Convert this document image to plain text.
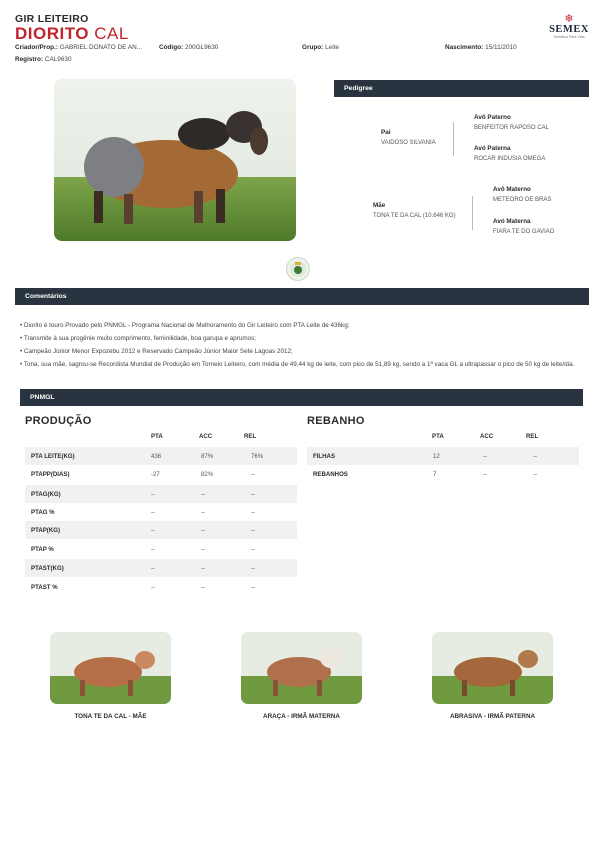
GIR LEITEIRO
DIORITO CAL
Criador/Prop.: GABRIEL DONATO DE AN...	Código: 200GL9630	Grupo: Leite	Nascimento: 15/11/2010
Registro: CAL9630
❄
SEMEX
Genética Para Vida
Pedigree
Pai
VAIDOSO SILVANIA
Avô Paterno
BENFEITOR RAPOSO CAL
Avó Paterna
ROCAR INDUSIA OMEGA
Mãe
TONA TE DA CAL (10.646 KG)
Avô Materno
METEORO DE BRAS
Avó Materna
FIARA TE DO GAVIAO
Comentários
• Diorito é touro Provado pelo PNMGL - Programa Nacional de Melhoramento do Gir Leiteiro com PTA Leite de 436kg;
• Transmite à sua progênie muito comprimento, feminilidade, boa garupa e aprumos;
• Campeão Júnior Menor Expozebu 2012 e Reservado Campeão Júnior Maior Sete Lagoas 2012;
• Tona, sua mãe, sagrou-se Recordista Mundial de Produção em Torneio Leiteiro, com média de 49,44 kg de leite, com pico de 51,89 kg, sendo a 1ª vaca GL a ultrapassar o pico de 50 kg de leite/dia.
PNMGL
PRODUÇÃO	REBANHO
PTA	ACC	REL	PTA	ACC	REL
PTA LEITE(KG)	436	87%	76%
PTAPP(DIAS)	-27	82%	--
PTAG(KG)	--	--	--
PTAG %	--	--	--
PTAP(KG)	--	--	--
PTAP %	--	--	--
PTAST(KG)	--	--	--
PTAST %	--	--	--
FILHAS	12	--	--
REBANHOS	7	--	--
TONA TE DA CAL - MÃE	ARAÇA - IRMÃ MATERNA	ABRASIVA - IRMÃ PATERNA
